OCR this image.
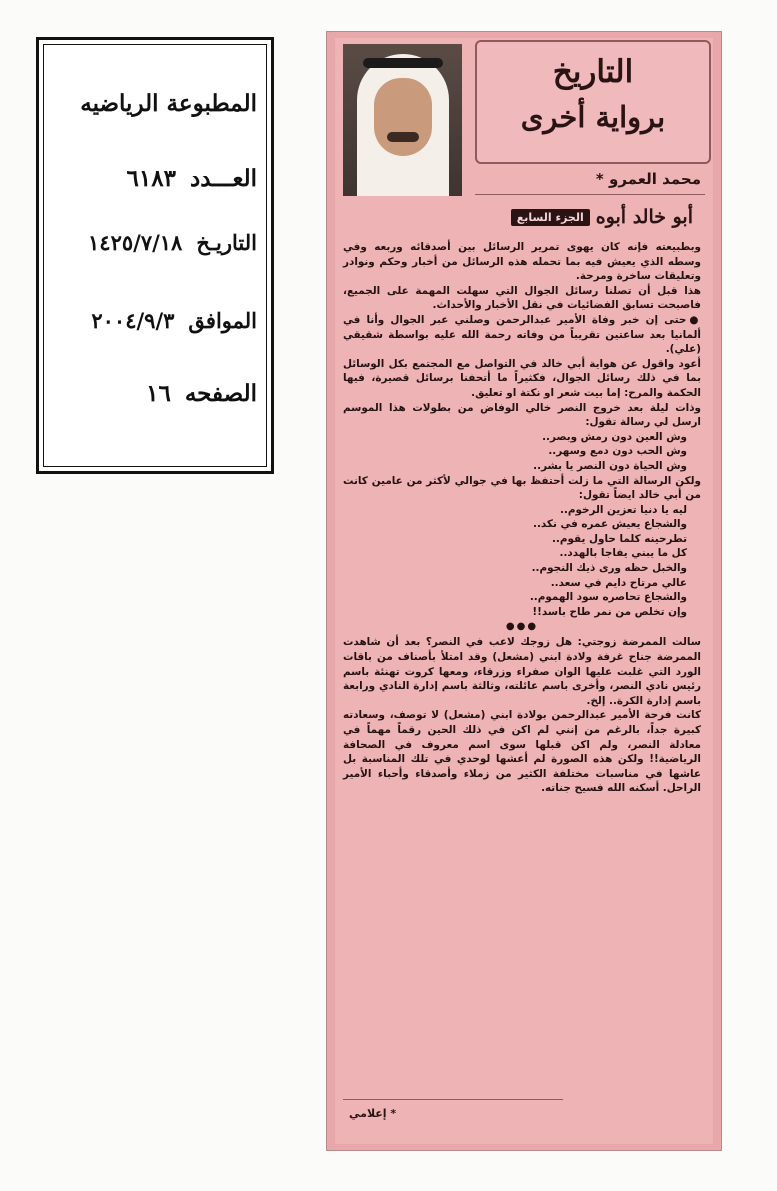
المطبوعة الرياضيه
العـــدد٦١٨٣
التاريـخ١٤٢٥/٧/١٨
الموافق٢٠٠٤/٩/٣
الصفحه١٦
التاريخ
برواية أخرى
محمد العمرو *
أبو خالد أبوه
الجزء السابع

وبطبيعته فإنه كان يهوى تمرير الرسائل بين أصدقائه وربعه وفي وسطه الذي يعيش فيه بما تحمله هذه الرسائل من أخبار وحكم ونوادر وتعليقات ساخرة ومرحة.

هذا قبل أن تصلنا رسائل الجوال التي سهلت المهمة على الجميع، فاصبحت تسابق الفضائيات في نقل الأخبار والأحداث.

●حتى إن خبر وفاة الأمير عبدالرحمن وصلني عبر الجوال وأنا في ألمانيا بعد ساعتين تقريباً من وفاته رحمة الله عليه بواسطة شقيقي (علي).

أعود واقول عن هواية أبي خالد في التواصل مع المجتمع بكل الوسائل بما في ذلك رسائل الجوال، فكثيراً ما أتحفنا برسائل قصيرة، فيها الحكمة والمرح: إما بيت شعر او نكتة او تعليق.

وذات ليلة بعد خروج النصر خالي الوفاض من بطولات هذا الموسم ارسل لي رسالة تقول:

وش العين دون رمش وبصر..
وش الحب دون دمع وسهر..
وش الحياة دون النصر يا بشر..

ولكن الرسالة التي ما زلت أحتفظ بها في جوالي لأكثر من عامين كانت من أبي خالد ايضاً تقول:

ليه يا دنيا تعزين الرخوم..
والشجاع يعيش عمره في نكد..
تطرحينه كلما حاول يقوم..
كل ما يبني يفاجا بالهدد..
والخبل حظه ورى ذيك النجوم..
عالي مرتاح دايم في سعد..
والشجاع تحاصره سود الهموم..
وإن تخلص من نمر طاح باسد!!
●●●

سالت الممرضة زوجتي: هل زوجك لاعب في النصر؟ بعد أن شاهدت الممرضة جناح غرفة ولادة ابني (مشعل) وقد امتلأ بأصناف من باقات الورد التي غلبت عليها الوان صفراء وزرقاء، ومعها كروت تهنئة باسم رئيس نادي النصر، وأخرى باسم عائلته، وثالثة باسم إدارة النادي ورابعة باسم إدارة الكرة.. إلخ.

كانت فرحة الأمير عبدالرحمن بولادة ابني (مشعل) لا توصف، وسعادته كبيرة جداً، بالرغم من إنني لم اكن في ذلك الحين رقماً مهماً في معادلة النصر، ولم اكن قبلها سوى اسم معروف في الصحافة الرياضية!! ولكن هذه الصورة لم أعشها لوحدي في تلك المناسبة بل عاشها في مناسبات مختلفة الكثير من زملاء وأصدقاء وأحباء الأمير الراحل. أسكنه الله فسيح جناته.

* إعلامي
